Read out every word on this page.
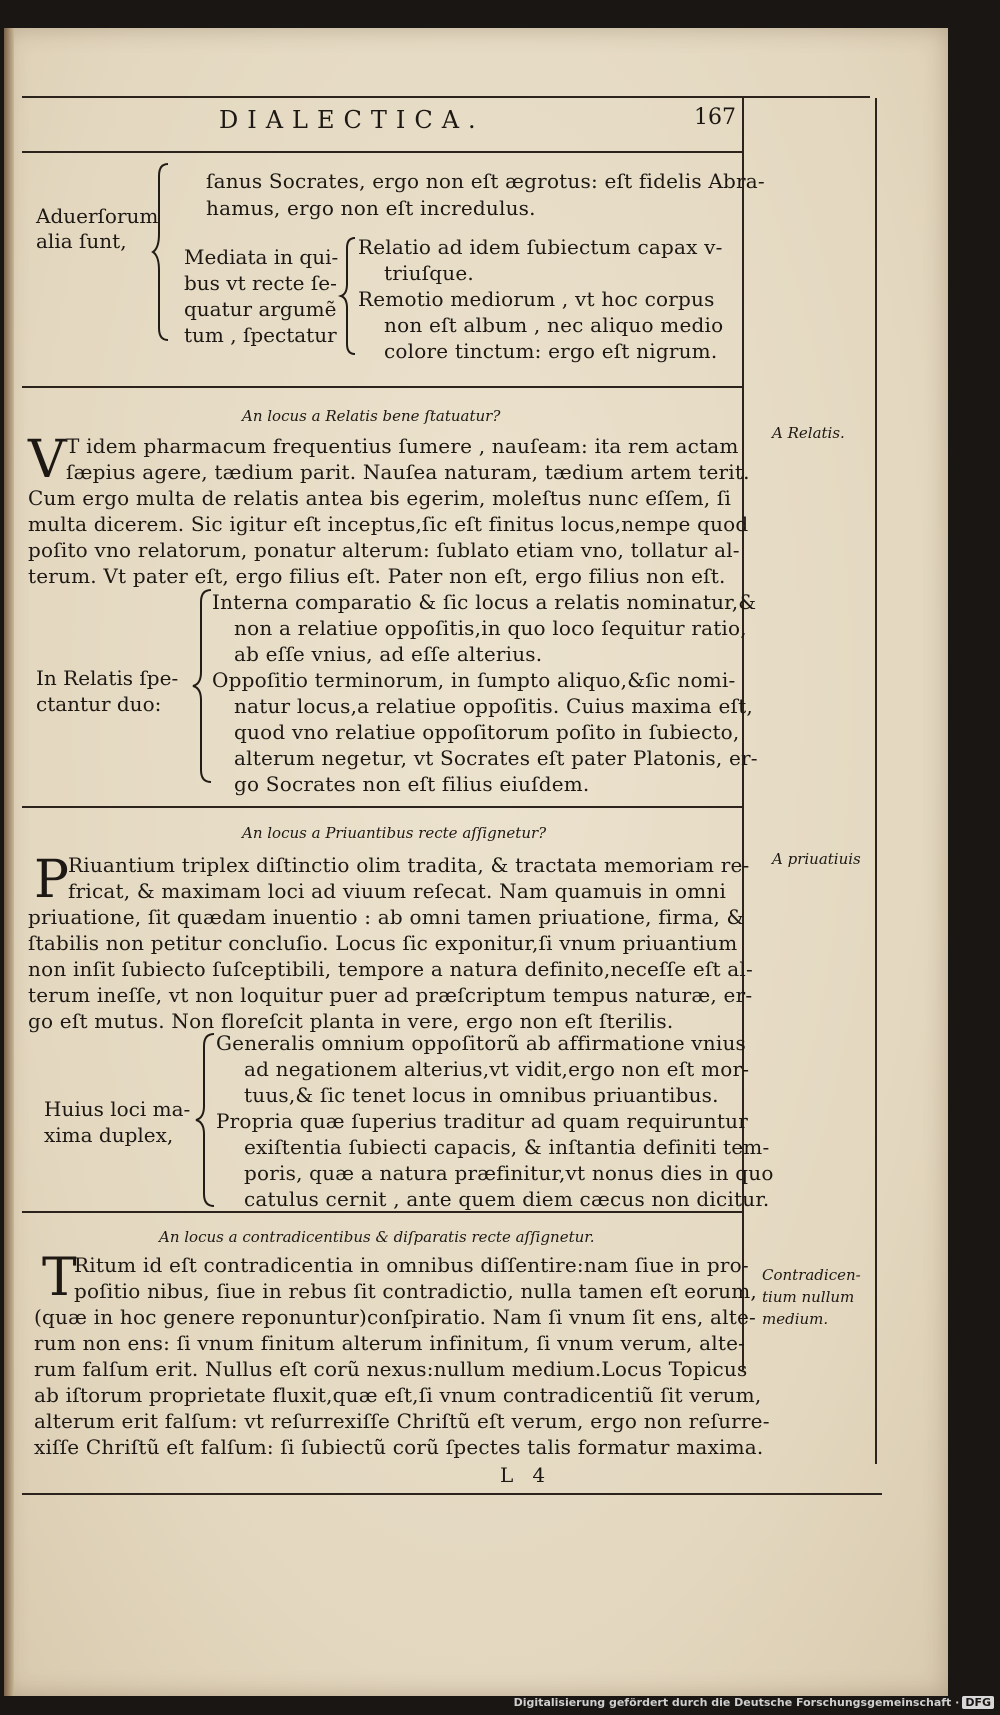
DIALECTICA.	167
ſanus Socrates, ergo non eſt ægrotus: eſt fidelis Abra-
hamus, ergo non eſt incredulus.
Aduerſorum
alia ſunt,
Mediata in qui-
bus vt recte ſe-
quatur argumẽ
tum , ſpectatur
Relatio ad idem ſubiectum capax v-
triuſque.
Remotio mediorum , vt hoc corpus
non eſt album , nec aliquo medio
colore tinctum: ergo eſt nigrum.
An locus a Relatis bene ſtatuatur?
A Relatis.
V T idem pharmacum frequentius ſumere , nauſeam: ita rem actam
ſæpius agere, tædium parit. Nauſea naturam, tædium artem terit.
Cum ergo multa de relatis antea bis egerim, moleſtus nunc eſſem, ſi
multa dicerem. Sic igitur eſt inceptus,ſic eſt finitus locus,nempe quod
poſito vno relatorum, ponatur alterum: ſublato etiam vno, tollatur al-
terum. Vt pater eſt, ergo filius eſt. Pater non eſt, ergo filius non eſt.
In Relatis ſpe-
ctantur duo:
Interna comparatio & ſic locus a relatis nominatur,&
non a relatiue oppoſitis,in quo loco ſequitur ratio,
ab eſſe vnius, ad eſſe alterius.
Oppoſitio terminorum, in ſumpto aliquo,&ſic nomi-
natur locus,a relatiue oppoſitis. Cuius maxima eſt,
quod vno relatiue oppoſitorum poſito in ſubiecto,
alterum negetur, vt Socrates eſt pater Platonis, er-
go Socrates non eſt filius eiuſdem.
An locus a Priuantibus recte aſſignetur?
A priuatiuis
P Riuantium triplex diſtinctio olim tradita, & tractata memoriam re-
fricat, & maximam loci ad viuum reſecat. Nam quamuis in omni
priuatione, ſit quædam inuentio : ab omni tamen priuatione, firma, &
ſtabilis non petitur concluſio. Locus ſic exponitur,ſi vnum priuantium
non inſit ſubiecto ſuſceptibili, tempore a natura definito,neceſſe eſt al-
terum ineſſe, vt non loquitur puer ad præſcriptum tempus naturæ, er-
go eſt mutus. Non floreſcit planta in vere, ergo non eſt ſterilis.
Huius loci ma-
xima duplex,
Generalis omnium oppoſitorũ ab affirmatione vnius
ad negationem alterius,vt vidit,ergo non eſt mor-
tuus,& ſic tenet locus in omnibus priuantibus.
Propria quæ ſuperius traditur ad quam requiruntur
exiſtentia ſubiecti capacis, & inſtantia definiti tem-
poris, quæ a natura præfinitur,vt nonus dies in quo
catulus cernit , ante quem diem cæcus non dicitur.
An locus a contradicentibus & diſparatis recte aſſignetur.
Contradicen-
tium nullum
medium.
T
Ritum id eſt contradicentia in omnibus diſſentire:nam ſiue in pro-
poſitio nibus, ſiue in rebus ſit contradictio, nulla tamen eſt eorum,
(quæ in hoc genere reponuntur)conſpiratio. Nam ſi vnum ſit ens, alte-
rum non ens: ſi vnum finitum alterum infinitum, ſi vnum verum, alte-
rum falſum erit. Nullus eſt corũ nexus:nullum medium.Locus Topicus
ab iſtorum proprietate fluxit,quæ eſt,ſi vnum contradicentiũ ſit verum,
alterum erit falſum: vt reſurrexiſſe Chriſtũ eſt verum, ergo non reſurre-
xiſſe Chriſtũ eſt falſum: ſi ſubiectũ corũ ſpectes talis formatur maxima.
L   4
Digitalisierung gefördert durch die Deutsche Forschungsgemeinschaft · DFG
